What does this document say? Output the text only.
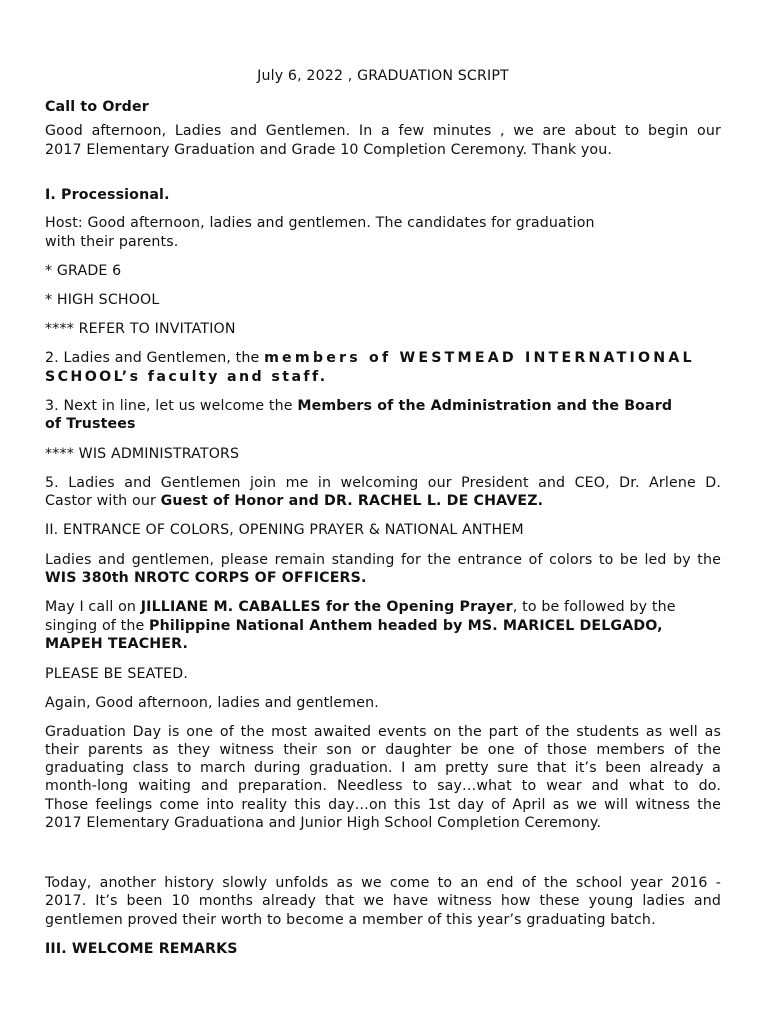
July 6, 2022 , GRADUATION SCRIPT

Call to Order

Good afternoon, Ladies and Gentlemen. In a few minutes , we are about to begin our

2017 Elementary Graduation and Grade 10 Completion Ceremony. Thank you.

I. Processional.

Host: Good afternoon, ladies and gentlemen. The candidates for graduation

with their parents.

* GRADE 6

* HIGH SCHOOL

**** REFER TO INVITATION

2. Ladies and Gentlemen, the members of WESTMEAD INTERNATIONAL

SCHOOL’s faculty and staff.

3. Next in line, let us welcome the Members of the Administration and the Board

of Trustees

**** WIS ADMINISTRATORS

5. Ladies and Gentlemen join me in welcoming our President and CEO, Dr. Arlene D.

Castor with our Guest of Honor and DR. RACHEL L. DE CHAVEZ.

II. ENTRANCE OF COLORS, OPENING PRAYER & NATIONAL ANTHEM

Ladies and gentlemen, please remain standing for the entrance of colors to be led by the

WIS 380th NROTC CORPS OF OFFICERS.

May I call on JILLIANE M. CABALLES for the Opening Prayer, to be followed by the

singing of the Philippine National Anthem headed by MS. MARICEL DELGADO,

MAPEH TEACHER.

PLEASE BE SEATED.

Again, Good afternoon, ladies and gentlemen.

Graduation Day is one of the most awaited events on the part of the students as well as

their parents as they witness their son or daughter be one of those members of the

graduating class to march during graduation. I am pretty sure that it’s been already a

month-long waiting and preparation. Needless to say…what to wear and what to do.

Those feelings come into reality this day…on this 1st day of April as we will witness the

2017 Elementary Graduationa and Junior High School Completion Ceremony.

Today, another history slowly unfolds as we come to an end of the school year 2016 -

2017. It’s been 10 months already that we have witness how these young ladies and

gentlemen proved their worth to become a member of this year’s graduating batch.

III. WELCOME REMARKS
